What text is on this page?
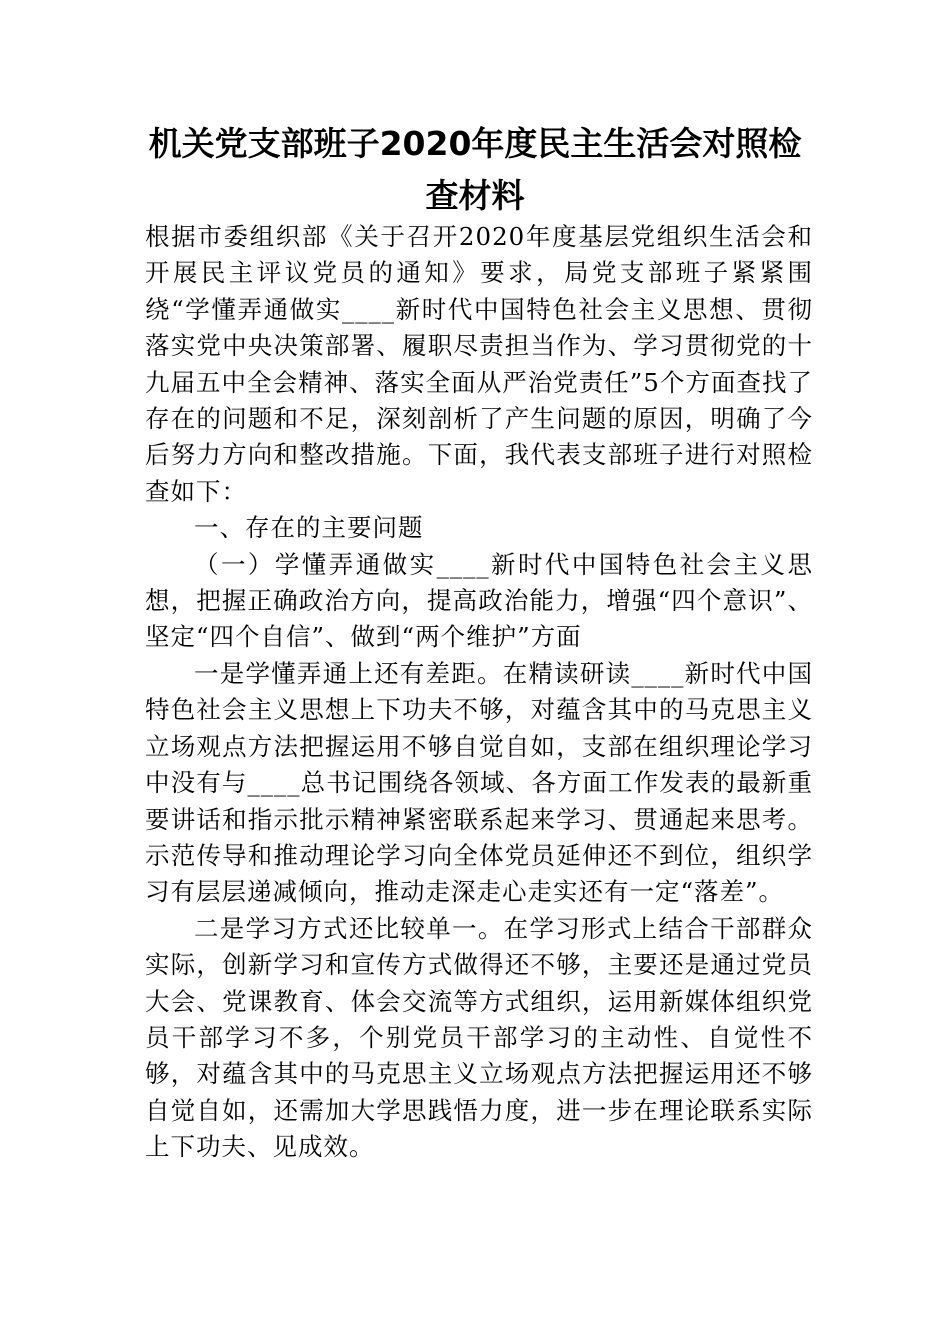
机关党支部班子2020年度民主生活会对照检查材料

根据市委组织部《关于召开2020年度基层党组织生活会和开展民主评议党员的通知》要求，局党支部班子紧紧围绕“学懂弄通做实____新时代中国特色社会主义思想、贯彻落实党中央决策部署、履职尽责担当作为、学习贯彻党的十九届五中全会精神、落实全面从严治党责任”5个方面查找了存在的问题和不足，深刻剖析了产生问题的原因，明确了今后努力方向和整改措施。下面，我代表支部班子进行对照检查如下：

一、存在的主要问题

（一）学懂弄通做实____新时代中国特色社会主义思想，把握正确政治方向，提高政治能力，增强“四个意识”、坚定“四个自信”、做到“两个维护”方面

一是学懂弄通上还有差距。在精读研读____新时代中国特色社会主义思想上下功夫不够，对蕴含其中的马克思主义立场观点方法把握运用不够自觉自如，支部在组织理论学习中没有与____总书记围绕各领域、各方面工作发表的最新重要讲话和指示批示精神紧密联系起来学习、贯通起来思考。示范传导和推动理论学习向全体党员延伸还不到位，组织学习有层层递减倾向，推动走深走心走实还有一定“落差”。

二是学习方式还比较单一。在学习形式上结合干部群众实际，创新学习和宣传方式做得还不够，主要还是通过党员大会、党课教育、体会交流等方式组织，运用新媒体组织党员干部学习不多，个别党员干部学习的主动性、自觉性不够，对蕴含其中的马克思主义立场观点方法把握运用还不够自觉自如，还需加大学思践悟力度，进一步在理论联系实际上下功夫、见成效。
